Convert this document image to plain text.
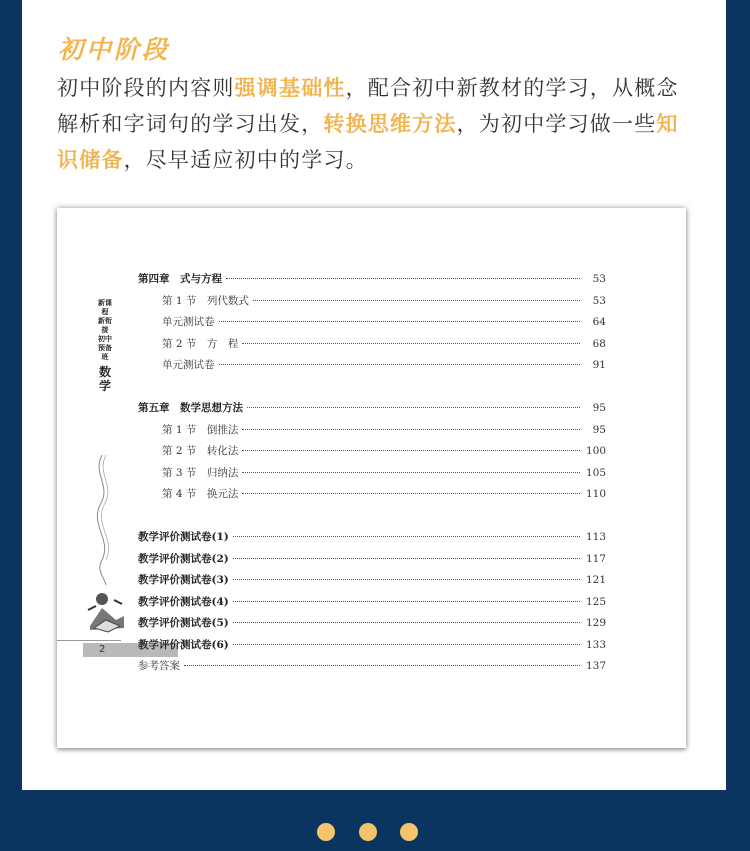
初中阶段
初中阶段的内容则强调基础性，配合初中新教材的学习，从概念解析和字词句的学习出发，转换思维方法，为初中学习做一些知识储备，尽早适应初中的学习。
新课程 新衔接 初中预备班
数学
2
第四章　式与方程	53
第 1 节　列代数式	53
单元测试卷	64
第 2 节　方　程	68
单元测试卷	91
第五章　数学思想方法	95
第 1 节　倒推法	95
第 2 节　转化法	100
第 3 节　归纳法	105
第 4 节　换元法	110
教学评价测试卷(1)	113
教学评价测试卷(2)	117
教学评价测试卷(3)	121
教学评价测试卷(4)	125
教学评价测试卷(5)	129
教学评价测试卷(6)	133
参考答案	137
